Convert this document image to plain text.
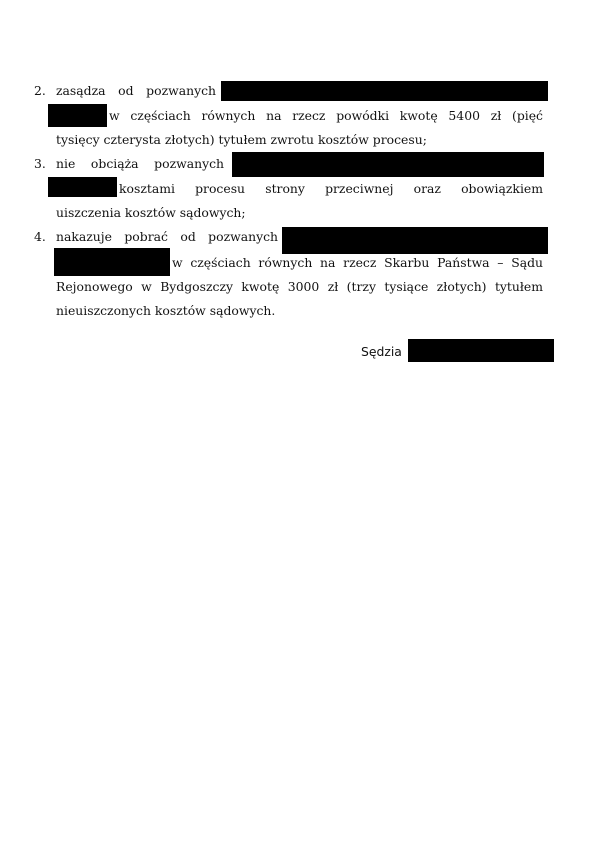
2. zasądza od pozwanych
w częściach równych na rzecz powódki kwotę 5400 zł (pięć
tysięcy czterysta złotych) tytułem zwrotu kosztów procesu;
3. nie obciąża pozwanych
kosztami procesu strony przeciwnej oraz obowiązkiem
uiszczenia kosztów sądowych;
4. nakazuje pobrać od pozwanych
w częściach równych na rzecz Skarbu Państwa – Sądu
Rejonowego w Bydgoszczy kwotę 3000 zł (trzy tysiące złotych) tytułem
nieuiszczonych kosztów sądowych.
Sędzia
